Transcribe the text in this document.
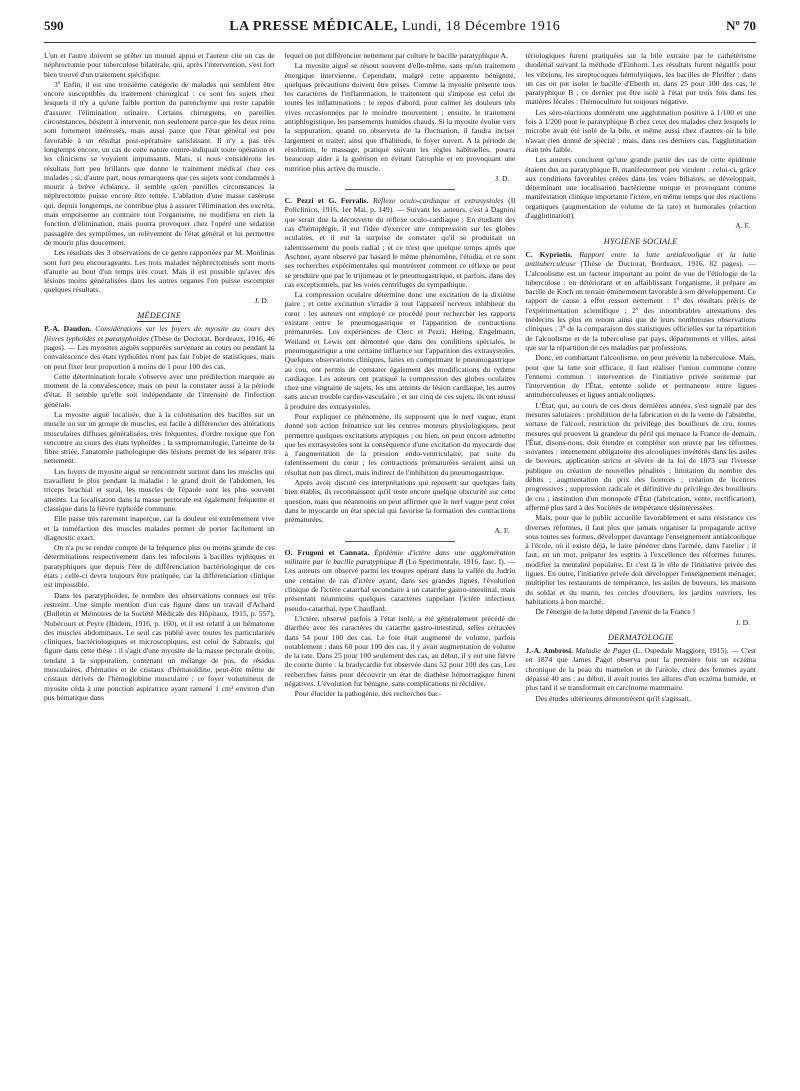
590	LA PRESSE MÉDICALE, Lundi, 18 Décembre 1916	Nº 70

L'un et l'autre doivent se prêter un mutuel appui et l'auteur cite un cas de néphrectomie pour tuberculose bilatérale, qui, après l'intervention, s'est fort bien trouvé d'un traitement spécifique.

3º Enfin, il est une troisième catégorie de malades qui semblent être encore susceptibles du traitement chirurgical : ce sont les sujets chez lesquels il n'y a qu'une faible portion du parenchyme qui reste capable d'assurer l'élimination urinaire. Certains chirurgiens, en pareilles circonstances, hésitent à intervenir, non seulement parce que les deux reins sont fortement intéressés, mais aussi parce que l'état général est peu favorable à un résultat post-opératoire satisfaisant. Il n'y a pas très longtemps encore, un cas de cette nature contre-indiquait toute opération et les cliniciens se voyaient impuissants. Mais, si nous considérons les résultats fort peu brillants que donne le traitement médical chez ces malades ; si, d'autre part, nous remarquons que ces sujets sont condamnés à mourir à brève échéance, il semble qu'en pareilles circonstances la néphrectomie puisse encore être tentée. L'ablation d'une masse caséeuse qui, depuis longtemps, ne contribue plus à assurer l'élimination des excréta, mais empoisonne au contraire tout l'organisme, ne modifiera en rien la fonction d'élimination, mais pourra provoquer chez l'opéré une sédation passagère des symptômes, un relèvement de l'état général et lui permettre de mourir plus doucement.

Les résultats des 3 observations de ce genre rapportées par M. Moulinas sont fort peu encourageants. Les trois malades néphrectomisés sont morts d'anurie au bout d'un temps très court. Mais il est possible qu'avec des lésions moins généralisées dans les autres organes l'on puisse escompter quelques résultats.

J. D.
MÉDECINE

P.-A. Daudon. Considérations sur les foyers de myosite au cours des fièvres typhoïdes et paratyphoïdes (Thèse de Doctorat, Bordeaux, 1916, 46 pages). — Les myosites aiguës suppurées survenant au cours ou pendant la convalescence des états typhoïdes n'ont pas fait l'objet de statistiques, mais on peut fixer leur proportion à moins de 1 pour 100 des cas.

Cette détermination locale s'observe avec une prédilection marquée au moment de la convalescence, mais on peut la constater aussi à la période d'état. Il semble qu'elle soit indépendante de l'intensité de l'infection générale.

La myosite aiguë localisée, due à la colonisation des bacilles sur un muscle ou sur un groupe de muscles, est facile à différencier des altérations musculaires diffuses généralisées, très fréquentes, d'ordre toxique que l'on rencontre au cours des états typhoïdes ; la symptomatologie, l'atteinte de la fibre striée, l'anatomie pathologique des lésions permet de les séparer très nettement.

Les foyers de myosite aiguë se rencontrent surtout dans les muscles qui travaillent le plus pendant la maladie : le grand droit de l'abdomen, les triceps brachial et sural, les muscles de l'épaule sont les plus souvent atteints. La localisation dans la masse pectorale est également fréquente et classique dans la fièvre typhoïde commune.

Elle passe très rarement inaperçue, car la douleur est extrêmement vive et la tuméfaction des muscles malades permet de porter facilement un diagnostic exact.

On n'a pu se rendre compte de la fréquence plus ou moins grande de ces déterminations respectivement dans les infections à bacilles typhiques et paratyphiques que depuis l'ère de différenciation bactériologique de ces états ; celle-ci devra toujours être pratiquée, car la différenciation clinique est impossible.

Dans les paratyphoïdes, le nombre des observations connues est très restreint. Une simple mention d'un cas figure dans un travail d'Achard (Bulletin et Mémoires de la Société Médicale des Hôpitaux, 1915, p. 557), Nobécourt et Peyre (Ibidem, 1916, p. 160), et il est relatif à un hématome des muscles abdominaux. Le seul cas publié avec toutes les particularités cliniques, bactériologiques et microscopiques, est celui de Sabrazès, qui figure dans cette thèse : il s'agit d'une myosite de la masse pectorale droite, tendant à la suppuration, contenant un mélange de pus, de résidus musculaires, d'hématies et de cristaux d'hématoïdine, peut-être même de cristaux dérivés de l'hémoglobine musculaire ; ce foyer volumineux de myosite céda à une ponction aspiratrice ayant ramené 1 cm³ environ d'un pus hématique dans

lequel on put différencier nettement par culture le bacille paratyphique A.

La myosite aiguë se résout souvent d'elle-même, sans qu'un traitement énergique intervienne. Cependant, malgré cette apparente bénignité, quelques précautions doivent être prises. Comme la myosite présente tous les caractères de l'inflammation, le traitement qui s'impose est celui de toutes les inflammations : le repos d'abord, pour calmer les douleurs très vives occasionnées par le moindre mouvement ; ensuite, le traitement antiphlogistique, les pansements humides chauds. Si la myosite évolue vers la suppuration, quand on observera de la fluctuation, il faudra inciser largement et traiter, ainsi que d'habitude, le foyer ouvert. A la période de résolution, le massage, pratiqué suivant les règles habituelles, pourra beaucoup aider à la guérison en évitant l'atrophie et en provoquant une nutrition plus active du muscle.

J. D.

C. Pezzi et G. Ferralis. Réflexe oculo-cardiaque et extrasystoles (Il Policlinico, 1916, 1er Mai, p. 149). — Suivant les auteurs, c'est à Dagnini que serait due la découverte du réflexe oculo-cardiaque ; En étudiant des cas d'hémiplégie, il eut l'idée d'exercer une compression sur les globes oculaires, et il eut la surprise de constater qu'il se produisait un ralentissement du pouls radial ; et ce n'est que quelque temps après que Aschner, ayant observé par hasard le même phénomène, l'étudia, et ce sont ses recherches expérimentales qui montrèrent comment ce réflexe ne peut se produire que par le trijumeau et le pneumogastrique, et parfois, dans des cas exceptionnels, par les voies centrifuges du sympathique.

La compression oculaire détermine donc une excitation de la dixième paire ; et cette excitation s'irradie à tout l'appareil nerveux inhibiteur du cœur : les auteurs ont employé ce procédé pour rechercher les rapports existant entre le pneumogastrique et l'apparition de contractions prématurées. Les expériences de Clerc et Pezzi, Hering, Engelmann, Weiland et Lewis ont démontré que dans des conditions spéciales, le pneumogastrique a une certaine influence sur l'apparition des extrasystoles. Quelques observations cliniques, faites en comprimant le pneumogastrique au cou, ont permis de constater également des modifications du rythme cardiaque. Les auteurs ont pratiqué la compression des globes oculaires chez une vingtaine de sujets, les uns atteints de lésion cardiaque, les autres sans aucun trouble cardio-vasculaire ; et sur cinq de ces sujets, ils ont réussi à produire des extrasystoles.

Pour expliquer ce phénomène, ils supposent que le nerf vague, étant donné son action frénatrice sur les centres moteurs physiologiques, peut permettre quelques excitations atypiques ; ou bien, on peut encore admettre que les extrasystoles sont la conséquence d'une excitation du myocarde due à l'augmentation de la pression endo-ventriculaire, par suite du ralentissement du cœur ; les contractions prématurées seraient ainsi un résultat non pas direct, mais indirect de l'inhibition du pneumogastrique.

Après avoir discuté ces interprétations qui reposent sur quelques faits bien établis, ils reconnaissent qu'il reste encore quelque obscurité sur cette question, mais que néanmoins on peut affirmer que le nerf vague peut créer dans le myocarde un état spécial qui favorise la formation des contractions prématurées.

A. F.

O. Frugoni et Cannata. Épidémie d'ictère dans une agglomération militaire par le bacille paratyphique B (Lo Sperimentale, 1916, fasc. I). — Les auteurs ont observé parmi les troupes opérant dans la vallée du Judrio une centaine de cas d'ictère ayant, dans ses grandes lignes, l'évolution clinique de l'ictère catarrhal secondaire à un catarrhe gastro-intestinal, mais présentant néanmoins quelques caractères rappelant l'ictère infectieux pseudo-catarrhal, type Chauffard.

L'ictère, observé parfois à l'état isolé, a été généralement précédé de diarrhée avec les caractères du catarrhe gastro-intestinal, selles crétacées dans 54 pour 100 des cas. Le foie était augmenté de volume, parfois notablement : dans 60 pour 100 des cas, il y avait augmentation de volume de la rate. Dans 25 pour 100 seulement des cas, au début, il y eut une fièvre de courte durée : la bradycardie fut observée dans 52 pour 100 des cas. Les recherches faites pour découvrir un état de diathèse hémorragique furent négatives. L'évolution fut bénigne, sans complications ni récidive.

Pour élucider la pathogénie, des recherches bac-

tériologiques furent pratiquées sur la bile extraite par le cathétérisme duodénal suivant la méthode d'Einhorn. Les résultats furent négatifs pour les vibrions, les streptocoques hémolytiques, les bacilles de Pfeiffer : dans un cas on put isoler le bacille d'Eberth et, dans 25 pour 100 des cas, le paratyphique B ; ce dernier put être isolé à l'état pur trois fois dans les matières fécales : l'hémoculture fut toujours négative.

Les séro-réactions donnèrent une agglutination positive à 1/100 et une fois à 1/200 pour le paratyphique B chez ceux des malades chez lesquels le microbe avait été isolé de la bile, et même aussi chez d'autres où la bile n'avait rien donné de spécial ; mais, dans ces derniers cas, l'agglutination était très faible.

Les auteurs concluent qu'une grande partie des cas de cette épidémie étaient dus au paratyphique B, manifestement peu virulent : celui-ci, grâce aux conditions favorables créées dans les voies biliaires, se développait, déterminant une localisation bactérienne unique et provoquant comme manifestation clinique importante l'ictère, en même temps que des réactions organiques (augmentation de volume de la rate) et humorales (réaction d'agglutination).

A. F.
HYGIÈNE SOCIALE

C. Kypriotis. Rapport entre la lutte antialcoolique et la lutte antituberculeuse (Thèse de Doctorat, Bordeaux, 1916, 82 pages). — L'alcoolisme est un facteur important au point de vue de l'étiologie de la tuberculose : en détériorant et en affaiblissant l'organisme, il prépare au bacille de Koch un terrain éminemment favorable à son développement. Ce rapport de cause à effet ressort nettement : 1º des résultats précis de l'expérimentation scientifique ; 2º des innombrables attestations des médecins les plus en renom ainsi que de leurs nombreuses observations cliniques ; 3º de la comparaison des statistiques officielles sur la répartition de l'alcoolisme et de la tuberculose par pays, départements et villes, ainsi que sur la répartition de ces maladies par professions.

Donc, en combattant l'alcoolisme, on peut prévenir la tuberculose. Mais, pour que la lutte soit efficace, il faut réaliser l'union commune contre l'ennemi commun : intervention de l'initiative privée soutenue par l'intervention de l'État, entente solide et permanente entre ligues antituberculeuses et ligues antialcooliques.

L'État, qui, au cours de ces deux dernières années, s'est signalé par des mesures salutaires : prohibition de la fabrication et de la vente de l'absinthe, surtaxe de l'alcool, restriction du privilège des bouilleurs de cru, toutes mesures qui prouvent la grandeur du péril qui menace la France de demain, l'État, disons-nous, doit étendre et compléter son œuvre par les réformes suivantes : internement obligatoire des alcooliques invétérés dans les asiles de buveurs, application stricte et sévère de la loi de 1873 sur l'ivresse publique ou création de nouvelles pénalités ; limitation du nombre des débits ; augmentation du prix des licences ; création de licences progressives ; suppression radicale et définitive du privilège des bouilleurs de cru ; institution d'un monopole d'État (fabrication, vente, rectification), affermé plus tard à des Sociétés de tempérance désintéressées.

Mais, pour que le public accueille favorablement et sans résistance ces diverses réformes, il faut plus que jamais organiser la propagande active sous toutes ses formes, développer davantage l'enseignement antialcoolique à l'école, où il existe déjà, le faire pénétrer dans l'armée, dans l'atelier ; il faut, en un mot, préparer les esprits à l'excellence des réformes futures, modifier la mentalité populaire. Et c'est là le rôle de l'initiative privée des ligues. En outre, l'initiative privée doit développer l'enseignement ménager, multiplier les restaurants de tempérance, les asiles de buveurs, les maisons du soldat et du marin, les cercles d'ouvriers, les jardins ouvriers, les habitations à bon marché.

De l'énergie de la lutte dépend l'avenir de la France !

J. D.
DERMATOLOGIE

J.-A. Ambrosi. Maladie de Paget (L. Ospedale Maggiore, 1915). — C'est en 1874 que James Paget observa pour la première fois un eczéma chronique de la peau du mamelon et de l'aréole, chez des femmes ayant dépassé 40 ans ; au début, il avait toutes les allures d'un eczéma humide, et plus tard il se transformait en carcinome mammaire.

Des études ultérieures démontrèrent qu'il s'agissait,
